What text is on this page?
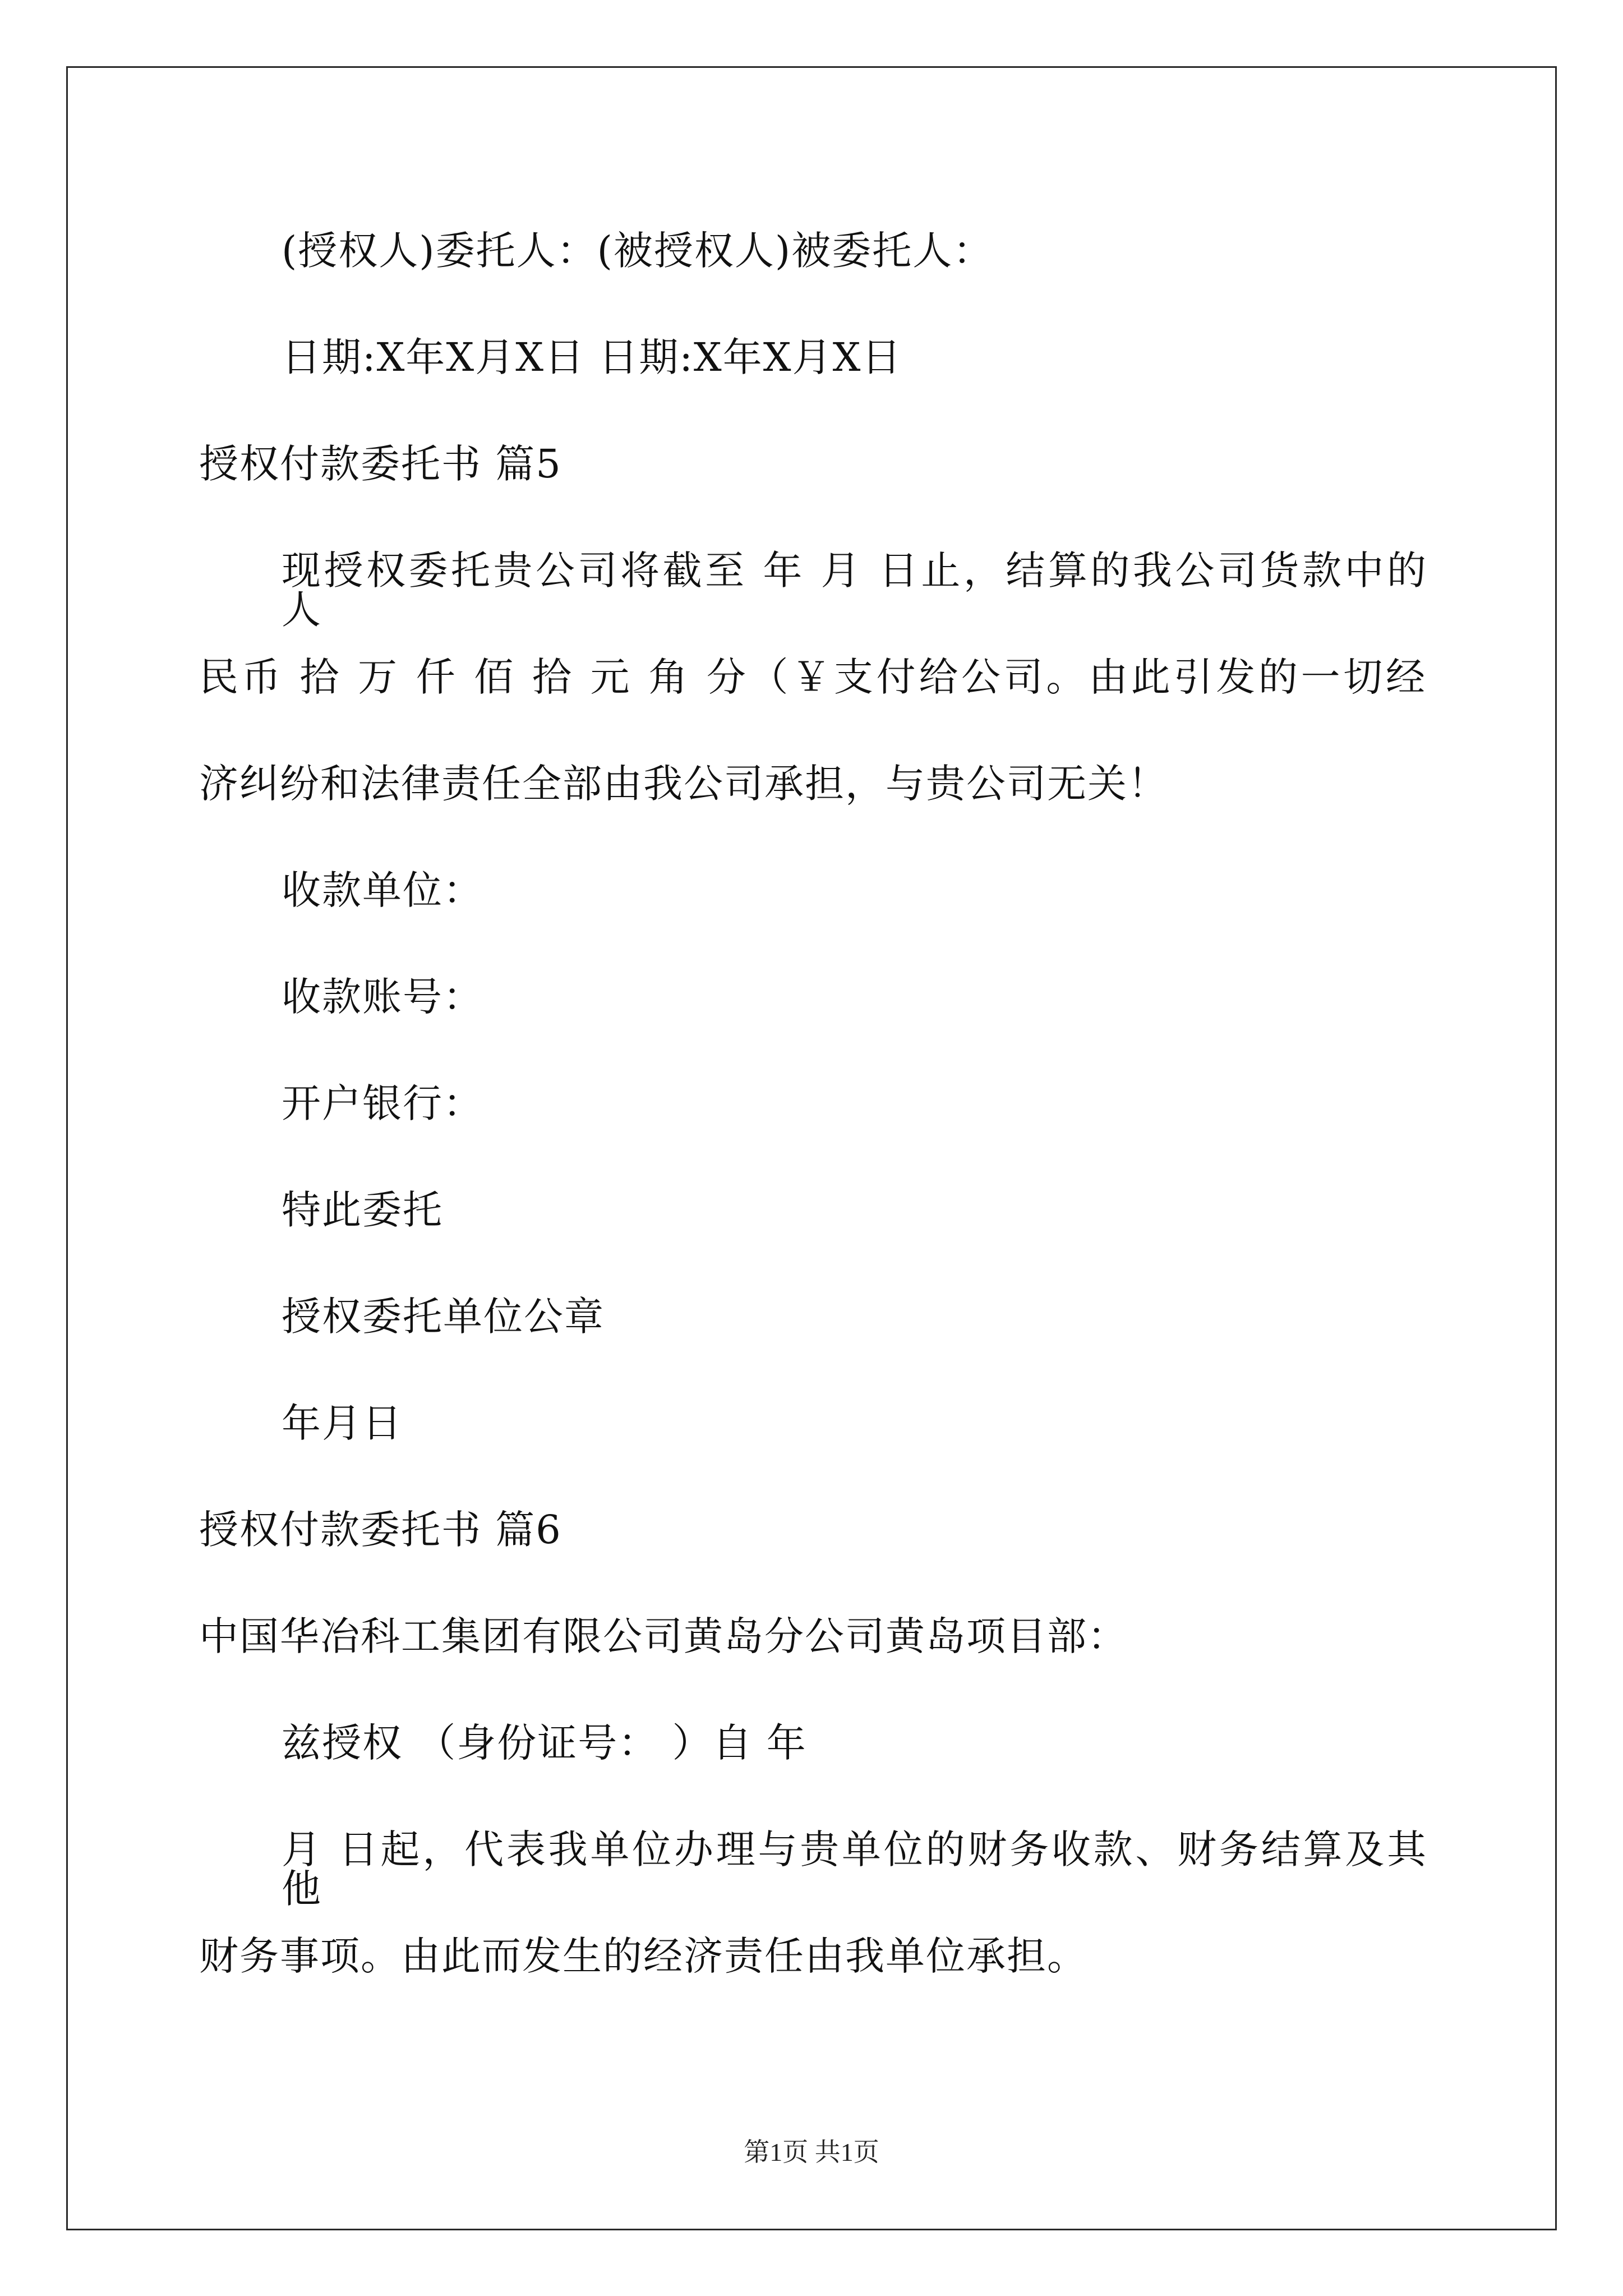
(授权人)委托人：(被授权人)被委托人：
日期:X年X月X日 日期:X年X月X日
授权付款委托书 篇5
现授权委托贵公司将截至 年 月 日止，结算的我公司货款中的人
民币 拾 万 仟 佰 拾 元 角 分（￥支付给公司。由此引发的一切经
济纠纷和法律责任全部由我公司承担，与贵公司无关！
收款单位：
收款账号：
开户银行：
特此委托
授权委托单位公章
年月日
授权付款委托书 篇6
中国华冶科工集团有限公司黄岛分公司黄岛项目部：
兹授权 （身份证号： ）自 年
月 日起，代表我单位办理与贵单位的财务收款、财务结算及其他
财务事项。由此而发生的经济责任由我单位承担。
第1页 共1页
